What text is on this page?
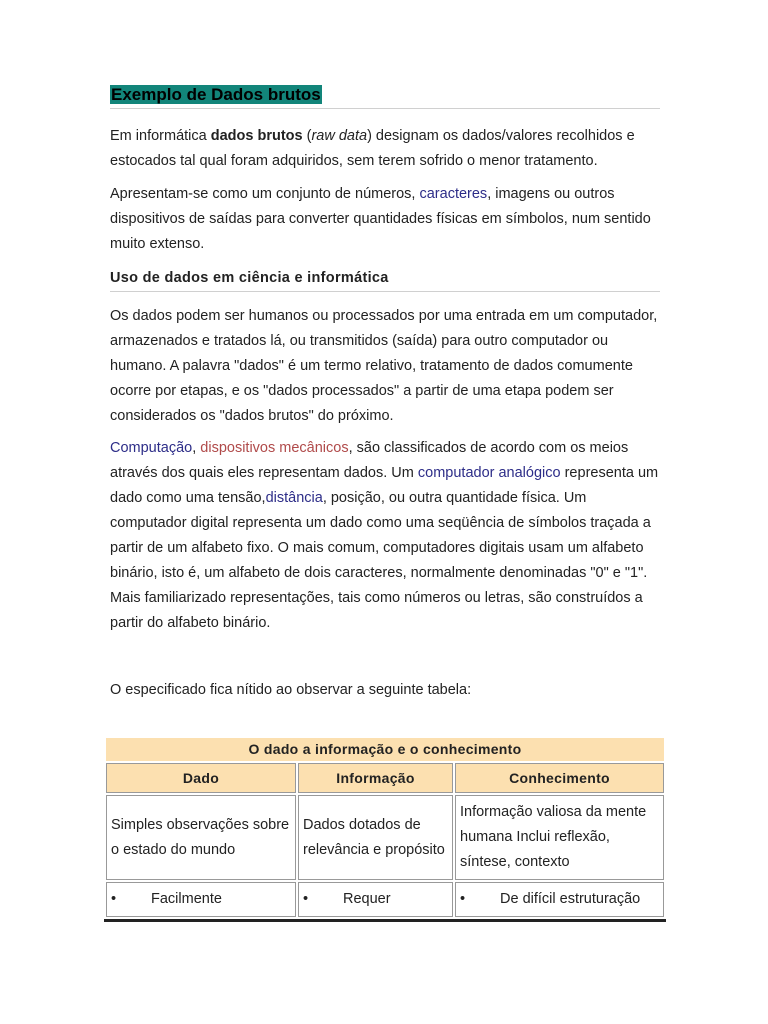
Exemplo de Dados brutos

Em informática dados brutos (raw data) designam os dados/valores recolhidos e estocados tal qual foram adquiridos, sem terem sofrido o menor tratamento.

Apresentam-se como um conjunto de números, caracteres, imagens ou outros dispositivos de saídas para converter quantidades físicas em símbolos, num sentido muito extenso.

Uso de dados em ciência e informática

Os dados podem ser humanos ou processados por uma entrada em um computador, armazenados e tratados lá, ou transmitidos (saída) para outro computador ou humano. A palavra "dados" é um termo relativo, tratamento de dados comumente ocorre por etapas, e os "dados processados" a partir de uma etapa podem ser considerados os "dados brutos" do próximo.

Computação, dispositivos mecânicos, são classificados de acordo com os meios através dos quais eles representam dados. Um computador analógico representa um dado como uma tensão,distância, posição, ou outra quantidade física. Um computador digital representa um dado como uma seqüência de símbolos traçada a partir de um alfabeto fixo. O mais comum, computadores digitais usam um alfabeto binário, isto é, um alfabeto de dois caracteres, normalmente denominadas "0" e "1". Mais familiarizado representações, tais como números ou letras, são construídos a partir do alfabeto binário.

O especificado fica nítido ao observar a seguinte tabela:

O dado a informação e o conhecimento
Dado	Informação	Conhecimento
Simples observações sobre o estado do mundo	Dados dotados de relevância e propósito	Informação valiosa da mente humana Inclui reflexão, síntese, contexto
• Facilmente	• Requer	• De difícil estruturação
